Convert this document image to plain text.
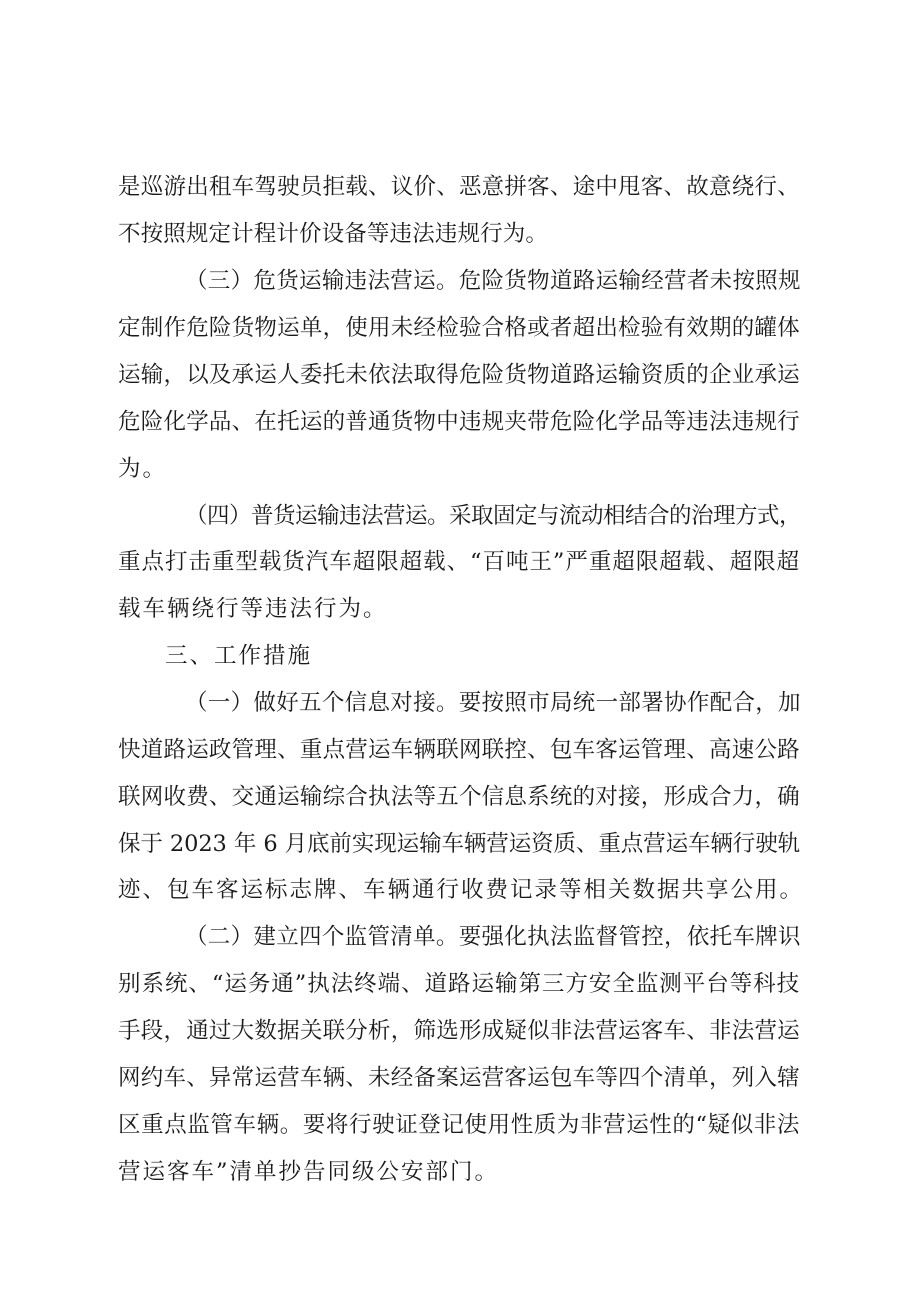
是巡游出租车驾驶员拒载、议价、恶意拼客、途中甩客、故意绕行、
不按照规定计程计价设备等违法违规行为。
（三）危货运输违法营运。危险货物道路运输经营者未按照规
定制作危险货物运单，使用未经检验合格或者超出检验有效期的罐体
运输，以及承运人委托未依法取得危险货物道路运输资质的企业承运
危险化学品、在托运的普通货物中违规夹带危险化学品等违法违规行
为。
（四）普货运输违法营运。采取固定与流动相结合的治理方式，
重点打击重型载货汽车超限超载、“百吨王”严重超限超载、超限超
载车辆绕行等违法行为。
三、工作措施
（一）做好五个信息对接。要按照市局统一部署协作配合，加
快道路运政管理、重点营运车辆联网联控、包车客运管理、高速公路
联网收费、交通运输综合执法等五个信息系统的对接，形成合力，确
保于 2023 年 6 月底前实现运输车辆营运资质、重点营运车辆行驶轨
迹、包车客运标志牌、车辆通行收费记录等相关数据共享公用。
（二）建立四个监管清单。要强化执法监督管控，依托车牌识
别系统、“运务通”执法终端、道路运输第三方安全监测平台等科技
手段，通过大数据关联分析，筛选形成疑似非法营运客车、非法营运
网约车、异常运营车辆、未经备案运营客运包车等四个清单，列入辖
区重点监管车辆。要将行驶证登记使用性质为非营运性的“疑似非法
营运客车”清单抄告同级公安部门。
